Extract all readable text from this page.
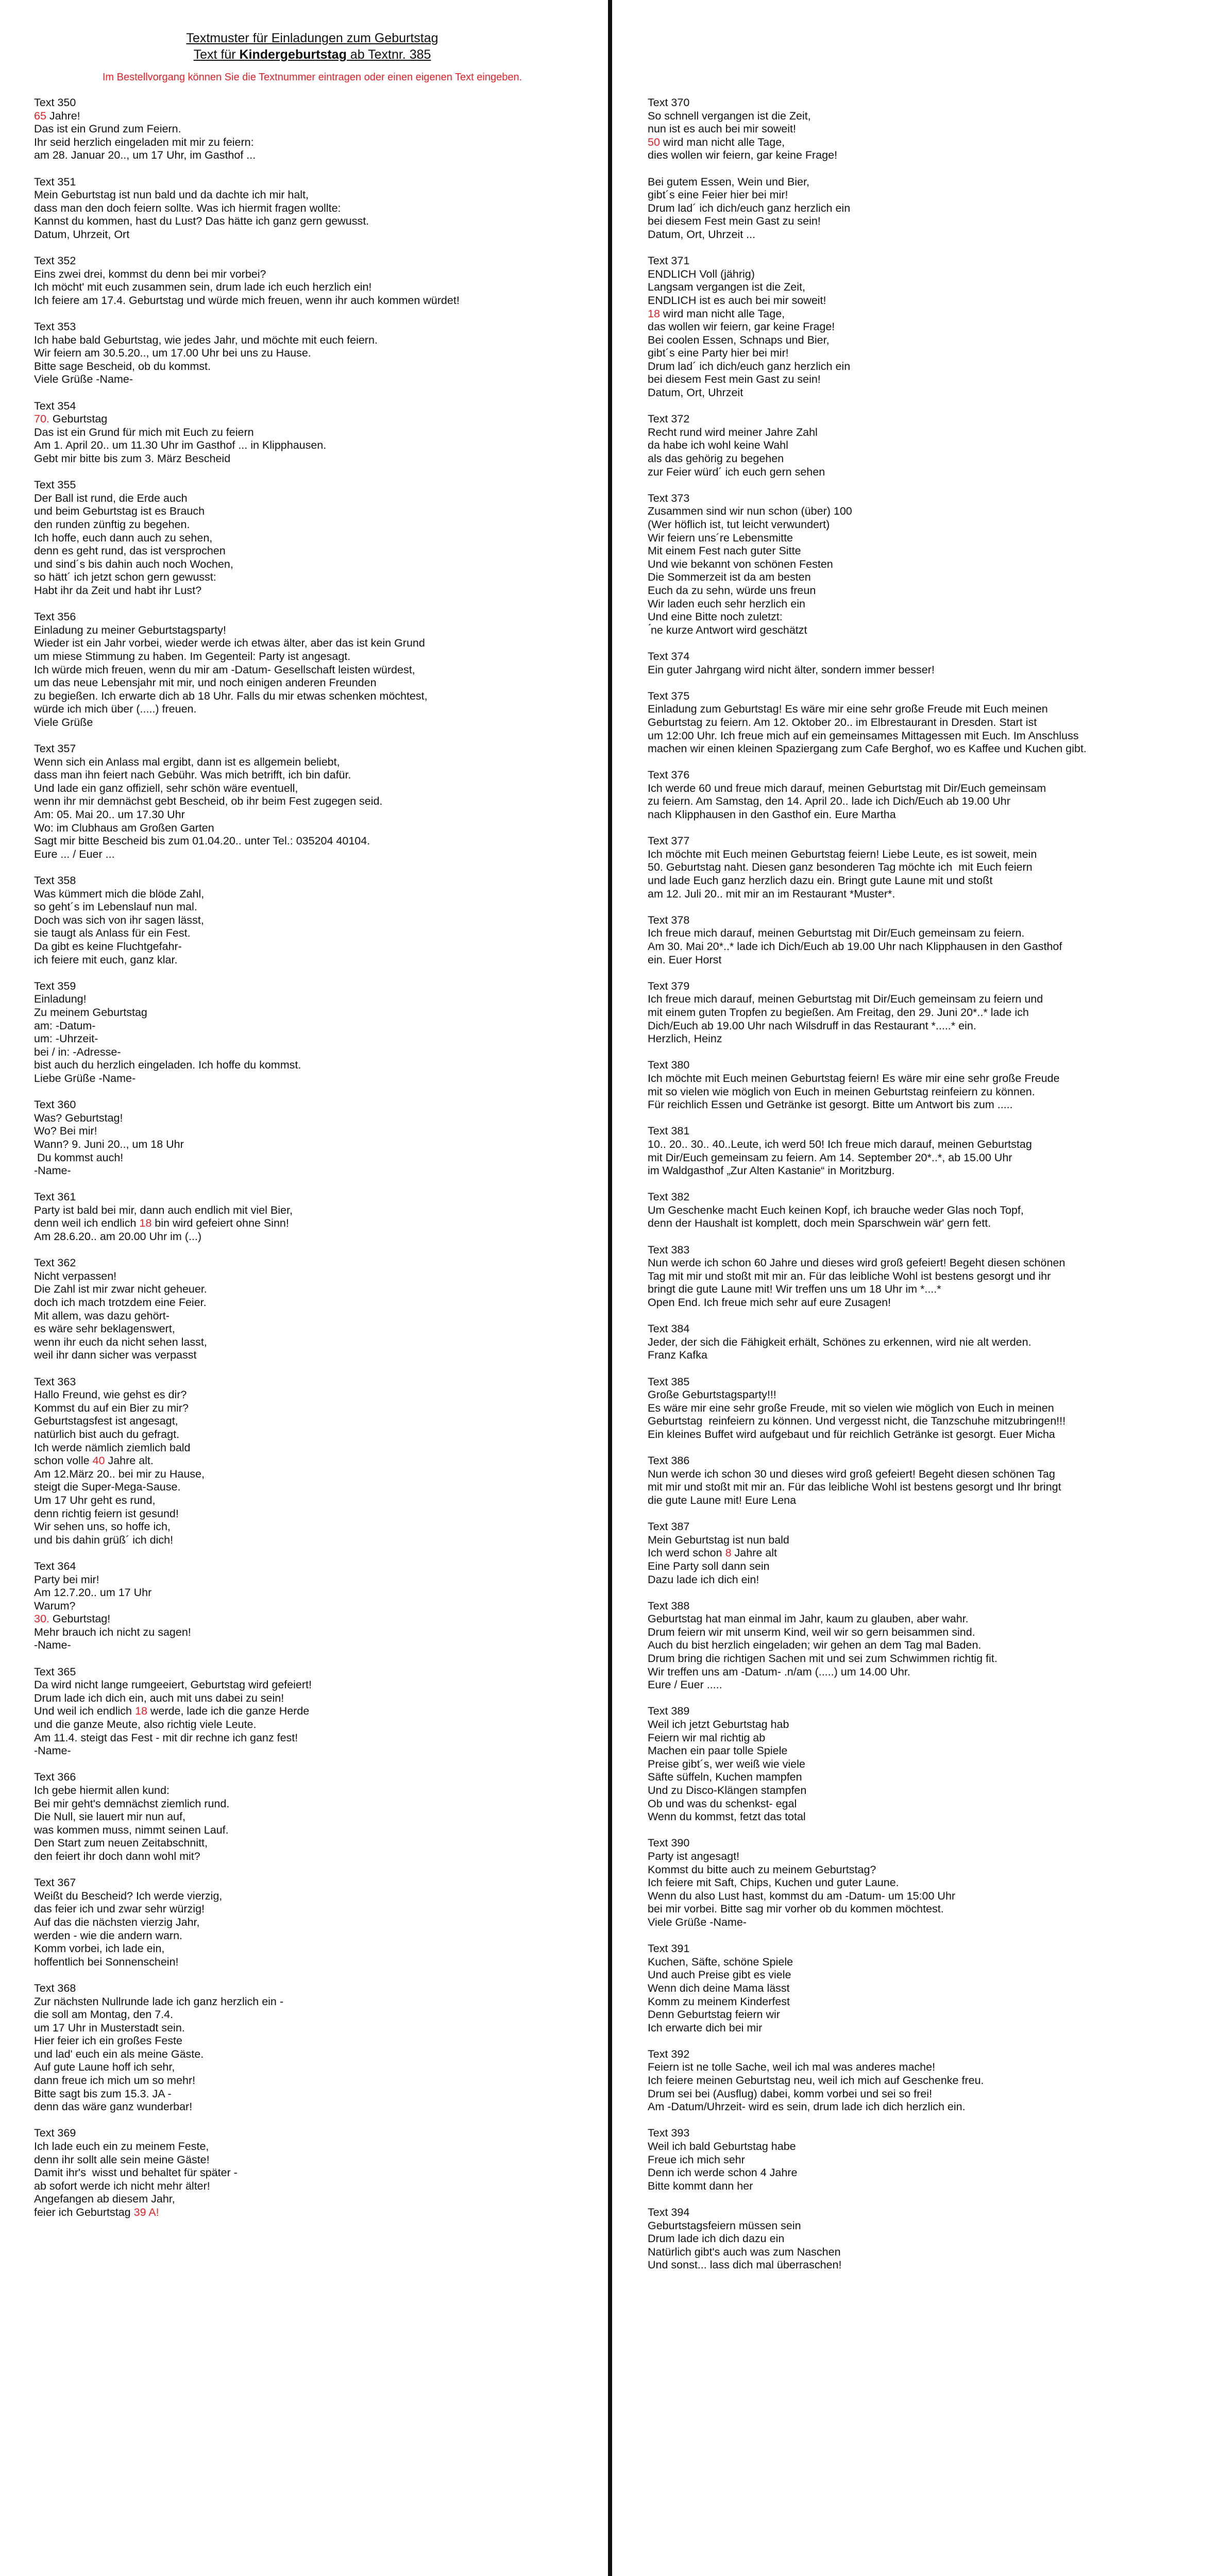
Textmuster für Einladungen zum Geburtstag
Text für Kindergeburtstag ab Textnr. 385
Im Bestellvorgang können Sie die Textnummer eintragen oder einen eigenen Text eingeben.
Text 350
65 Jahre!
Das ist ein Grund zum Feiern.
Ihr seid herzlich eingeladen mit mir zu feiern:
am 28. Januar 20.., um 17 Uhr, im Gasthof ...
Text 351
Mein Geburtstag ist nun bald und da dachte ich mir halt,
dass man den doch feiern sollte. Was ich hiermit fragen wollte:
Kannst du kommen, hast du Lust? Das hätte ich ganz gern gewusst.
Datum, Uhrzeit, Ort
Text 352
Eins zwei drei, kommst du denn bei mir vorbei?
Ich möcht' mit euch zusammen sein, drum lade ich euch herzlich ein!
Ich feiere am 17.4. Geburtstag und würde mich freuen, wenn ihr auch kommen würdet!
Text 353
Ich habe bald Geburtstag, wie jedes Jahr, und möchte mit euch feiern.
Wir feiern am 30.5.20.., um 17.00 Uhr bei uns zu Hause.
Bitte sage Bescheid, ob du kommst.
Viele Grüße -Name-
Text 354
70. Geburtstag
Das ist ein Grund für mich mit Euch zu feiern
Am 1. April 20.. um 11.30 Uhr im Gasthof ... in Klipphausen.
Gebt mir bitte bis zum 3. März Bescheid
Text 355
Der Ball ist rund, die Erde auch
und beim Geburtstag ist es Brauch
den runden zünftig zu begehen.
Ich hoffe, euch dann auch zu sehen,
denn es geht rund, das ist versprochen
und sind´s bis dahin auch noch Wochen,
so hätt´ ich jetzt schon gern gewusst:
Habt ihr da Zeit und habt ihr Lust?
Text 356
Einladung zu meiner Geburtstagsparty!
Wieder ist ein Jahr vorbei, wieder werde ich etwas älter, aber das ist kein Grund
um miese Stimmung zu haben. Im Gegenteil: Party ist angesagt.
Ich würde mich freuen, wenn du mir am -Datum- Gesellschaft leisten würdest,
um das neue Lebensjahr mit mir, und noch einigen anderen Freunden
zu begießen. Ich erwarte dich ab 18 Uhr. Falls du mir etwas schenken möchtest,
würde ich mich über (.....) freuen.
Viele Grüße
Text 357
Wenn sich ein Anlass mal ergibt, dann ist es allgemein beliebt,
dass man ihn feiert nach Gebühr. Was mich betrifft, ich bin dafür.
Und lade ein ganz offiziell, sehr schön wäre eventuell,
wenn ihr mir demnächst gebt Bescheid, ob ihr beim Fest zugegen seid.
Am: 05. Mai 20.. um 17.30 Uhr
Wo: im Clubhaus am Großen Garten
Sagt mir bitte Bescheid bis zum 01.04.20.. unter Tel.: 035204 40104.
Eure ... / Euer ...
Text 358
Was kümmert mich die blöde Zahl,
so geht´s im Lebenslauf nun mal.
Doch was sich von ihr sagen lässt,
sie taugt als Anlass für ein Fest.
Da gibt es keine Fluchtgefahr-
ich feiere mit euch, ganz klar.
Text 359
Einladung!
Zu meinem Geburtstag
am: -Datum-
um: -Uhrzeit-
bei / in: -Adresse-
bist auch du herzlich eingeladen. Ich hoffe du kommst.
Liebe Grüße -Name-
Text 360
Was? Geburtstag!
Wo? Bei mir!
Wann? 9. Juni 20.., um 18 Uhr
Du kommst auch!
-Name-
Text 361
Party ist bald bei mir, dann auch endlich mit viel Bier,
denn weil ich endlich 18 bin wird gefeiert ohne Sinn!
Am 28.6.20.. am 20.00 Uhr im (...)
Text 362
Nicht verpassen!
Die Zahl ist mir zwar nicht geheuer.
doch ich mach trotzdem eine Feier.
Mit allem, was dazu gehört-
es wäre sehr beklagenswert,
wenn ihr euch da nicht sehen lasst,
weil ihr dann sicher was verpasst
Text 363
Hallo Freund, wie gehst es dir?
Kommst du auf ein Bier zu mir?
Geburtstagsfest ist angesagt,
natürlich bist auch du gefragt.
Ich werde nämlich ziemlich bald
schon volle 40 Jahre alt.
Am 12.März 20.. bei mir zu Hause,
steigt die Super-Mega-Sause.
Um 17 Uhr geht es rund,
denn richtig feiern ist gesund!
Wir sehen uns, so hoffe ich,
und bis dahin grüß´ ich dich!
Text 364
Party bei mir!
Am 12.7.20.. um 17 Uhr
Warum?
30. Geburtstag!
Mehr brauch ich nicht zu sagen!
-Name-
Text 365
Da wird nicht lange rumgeeiert, Geburtstag wird gefeiert!
Drum lade ich dich ein, auch mit uns dabei zu sein!
Und weil ich endlich 18 werde, lade ich die ganze Herde
und die ganze Meute, also richtig viele Leute.
Am 11.4. steigt das Fest - mit dir rechne ich ganz fest!
-Name-
Text 366
Ich gebe hiermit allen kund:
Bei mir geht's demnächst ziemlich rund.
Die Null, sie lauert mir nun auf,
was kommen muss, nimmt seinen Lauf.
Den Start zum neuen Zeitabschnitt,
den feiert ihr doch dann wohl mit?
Text 367
Weißt du Bescheid? Ich werde vierzig,
das feier ich und zwar sehr würzig!
Auf das die nächsten vierzig Jahr,
werden - wie die andern warn.
Komm vorbei, ich lade ein,
hoffentlich bei Sonnenschein!
Text 368
Zur nächsten Nullrunde lade ich ganz herzlich ein -
die soll am Montag, den 7.4.
um 17 Uhr in Musterstadt sein.
Hier feier ich ein großes Feste
und lad' euch ein als meine Gäste.
Auf gute Laune hoff ich sehr,
dann freue ich mich um so mehr!
Bitte sagt bis zum 15.3. JA -
denn das wäre ganz wunderbar!
Text 369
Ich lade euch ein zu meinem Feste,
denn ihr sollt alle sein meine Gäste!
Damit ihr's  wisst und behaltet für später -
ab sofort werde ich nicht mehr älter!
Angefangen ab diesem Jahr,
feier ich Geburtstag 39 A!
Text 370
So schnell vergangen ist die Zeit,
nun ist es auch bei mir soweit!
50 wird man nicht alle Tage,
dies wollen wir feiern, gar keine Frage!

Bei gutem Essen, Wein und Bier,
gibt´s eine Feier hier bei mir!
Drum lad´ ich dich/euch ganz herzlich ein
bei diesem Fest mein Gast zu sein!
Datum, Ort, Uhrzeit ...
Text 371
ENDLICH Voll (jährig)
Langsam vergangen ist die Zeit,
ENDLICH ist es auch bei mir soweit!
18 wird man nicht alle Tage,
das wollen wir feiern, gar keine Frage!
Bei coolen Essen, Schnaps und Bier,
gibt´s eine Party hier bei mir!
Drum lad´ ich dich/euch ganz herzlich ein
bei diesem Fest mein Gast zu sein!
Datum, Ort, Uhrzeit
Text 372
Recht rund wird meiner Jahre Zahl
da habe ich wohl keine Wahl
als das gehörig zu begehen
zur Feier würd´ ich euch gern sehen
Text 373
Zusammen sind wir nun schon (über) 100
(Wer höflich ist, tut leicht verwundert)
Wir feiern uns´re Lebensmitte
Mit einem Fest nach guter Sitte
Und wie bekannt von schönen Festen
Die Sommerzeit ist da am besten
Euch da zu sehn, würde uns freun
Wir laden euch sehr herzlich ein
Und eine Bitte noch zuletzt:
́ne kurze Antwort wird geschätzt
Text 374
Ein guter Jahrgang wird nicht älter, sondern immer besser!
Text 375
Einladung zum Geburtstag! Es wäre mir eine sehr große Freude mit Euch meinen
Geburtstag zu feiern. Am 12. Oktober 20.. im Elbrestaurant in Dresden. Start ist
um 12:00 Uhr. Ich freue mich auf ein gemeinsames Mittagessen mit Euch. Im Anschluss
machen wir einen kleinen Spaziergang zum Cafe Berghof, wo es Kaffee und Kuchen gibt.
Text 376
Ich werde 60 und freue mich darauf, meinen Geburtstag mit Dir/Euch gemeinsam
zu feiern. Am Samstag, den 14. April 20.. lade ich Dich/Euch ab 19.00 Uhr
nach Klipphausen in den Gasthof ein. Eure Martha
Text 377
Ich möchte mit Euch meinen Geburtstag feiern! Liebe Leute, es ist soweit, mein
50. Geburtstag naht. Diesen ganz besonderen Tag möchte ich  mit Euch feiern
und lade Euch ganz herzlich dazu ein. Bringt gute Laune mit und stoßt
am 12. Juli 20.. mit mir an im Restaurant *Muster*.
Text 378
Ich freue mich darauf, meinen Geburtstag mit Dir/Euch gemeinsam zu feiern.
Am 30. Mai 20*..* lade ich Dich/Euch ab 19.00 Uhr nach Klipphausen in den Gasthof
ein. Euer Horst
Text 379
Ich freue mich darauf, meinen Geburtstag mit Dir/Euch gemeinsam zu feiern und
mit einem guten Tropfen zu begießen. Am Freitag, den 29. Juni 20*..* lade ich
Dich/Euch ab 19.00 Uhr nach Wilsdruff in das Restaurant *.....* ein.
Herzlich, Heinz
Text 380
Ich möchte mit Euch meinen Geburtstag feiern! Es wäre mir eine sehr große Freude
mit so vielen wie möglich von Euch in meinen Geburtstag reinfeiern zu können.
Für reichlich Essen und Getränke ist gesorgt. Bitte um Antwort bis zum .....
Text 381
10.. 20.. 30.. 40..Leute, ich werd 50! Ich freue mich darauf, meinen Geburtstag
mit Dir/Euch gemeinsam zu feiern. Am 14. September 20*..*, ab 15.00 Uhr
im Waldgasthof „Zur Alten Kastanie“ in Moritzburg.
Text 382
Um Geschenke macht Euch keinen Kopf, ich brauche weder Glas noch Topf,
denn der Haushalt ist komplett, doch mein Sparschwein wär' gern fett.
Text 383
Nun werde ich schon 60 Jahre und dieses wird groß gefeiert! Begeht diesen schönen
Tag mit mir und stoßt mit mir an. Für das leibliche Wohl ist bestens gesorgt und ihr
bringt die gute Laune mit! Wir treffen uns um 18 Uhr im *....*
Open End. Ich freue mich sehr auf eure Zusagen!
Text 384
Jeder, der sich die Fähigkeit erhält, Schönes zu erkennen, wird nie alt werden.
Franz Kafka
Text 385
Große Geburtstagsparty!!!
Es wäre mir eine sehr große Freude, mit so vielen wie möglich von Euch in meinen
Geburtstag  reinfeiern zu können. Und vergesst nicht, die Tanzschuhe mitzubringen!!!
Ein kleines Buffet wird aufgebaut und für reichlich Getränke ist gesorgt. Euer Micha
Text 386
Nun werde ich schon 30 und dieses wird groß gefeiert! Begeht diesen schönen Tag
mit mir und stoßt mit mir an. Für das leibliche Wohl ist bestens gesorgt und Ihr bringt
die gute Laune mit! Eure Lena
Text 387
Mein Geburtstag ist nun bald
Ich werd schon 8 Jahre alt
Eine Party soll dann sein
Dazu lade ich dich ein!
Text 388
Geburtstag hat man einmal im Jahr, kaum zu glauben, aber wahr.
Drum feiern wir mit unserm Kind, weil wir so gern beisammen sind.
Auch du bist herzlich eingeladen; wir gehen an dem Tag mal Baden.
Drum bring die richtigen Sachen mit und sei zum Schwimmen richtig fit.
Wir treffen uns am -Datum- .n/am (.....) um 14.00 Uhr.
Eure / Euer .....
Text 389
Weil ich jetzt Geburtstag hab
Feiern wir mal richtig ab
Machen ein paar tolle Spiele
Preise gibt´s, wer weiß wie viele
Säfte süffeln, Kuchen mampfen
Und zu Disco-Klängen stampfen
Ob und was du schenkst- egal
Wenn du kommst, fetzt das total
Text 390
Party ist angesagt!
Kommst du bitte auch zu meinem Geburtstag?
Ich feiere mit Saft, Chips, Kuchen und guter Laune.
Wenn du also Lust hast, kommst du am -Datum- um 15:00 Uhr
bei mir vorbei. Bitte sag mir vorher ob du kommen möchtest.
Viele Grüße -Name-
Text 391
Kuchen, Säfte, schöne Spiele
Und auch Preise gibt es viele
Wenn dich deine Mama lässt
Komm zu meinem Kinderfest
Denn Geburtstag feiern wir
Ich erwarte dich bei mir
Text 392
Feiern ist ne tolle Sache, weil ich mal was anderes mache!
Ich feiere meinen Geburtstag neu, weil ich mich auf Geschenke freu.
Drum sei bei (Ausflug) dabei, komm vorbei und sei so frei!
Am -Datum/Uhrzeit- wird es sein, drum lade ich dich herzlich ein.
Text 393
Weil ich bald Geburtstag habe
Freue ich mich sehr
Denn ich werde schon 4 Jahre
Bitte kommt dann her
Text 394
Geburtstagsfeiern müssen sein
Drum lade ich dich dazu ein
Natürlich gibt's auch was zum Naschen
Und sonst... lass dich mal überraschen!
